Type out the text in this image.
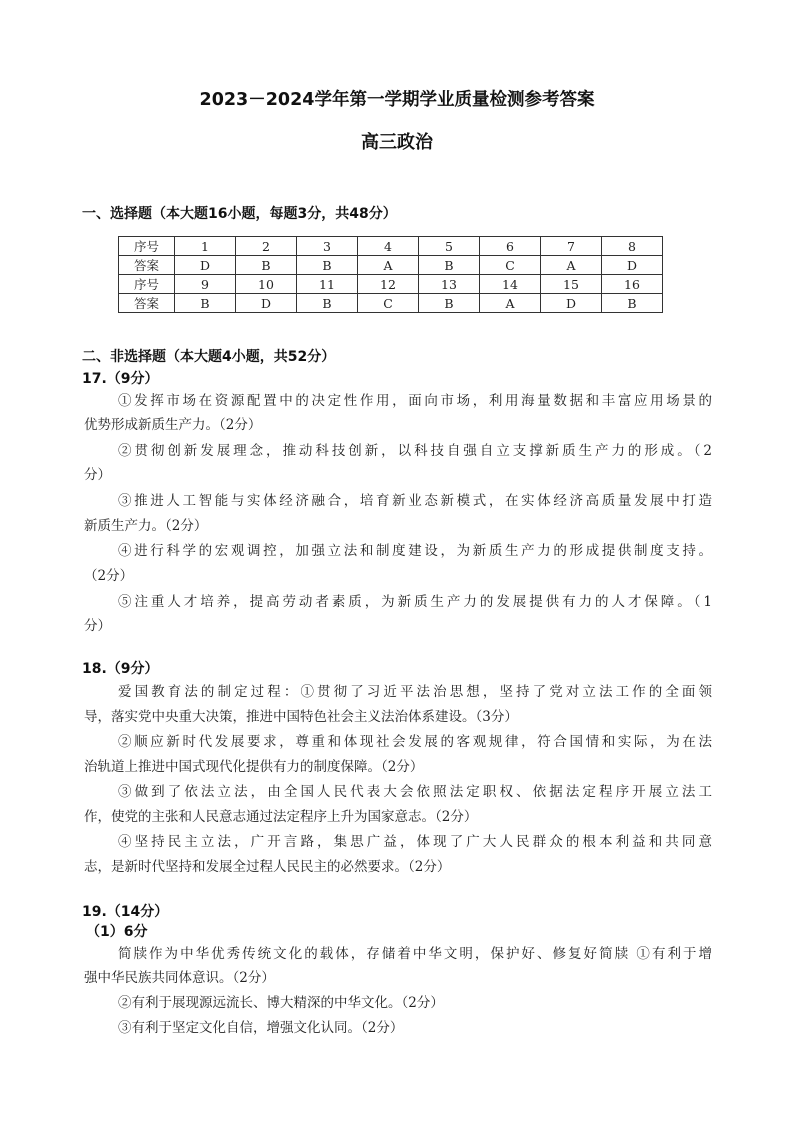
2023－2024学年第一学期学业质量检测参考答案
高三政治
一、选择题（本大题16小题，每题3分，共48分）
序号	1	2	3	4	5	6	7	8
答案	D	B	B	A	B	C	A	D
序号	9	10	11	12	13	14	15	16
答案	B	D	B	C	B	A	D	B
二、非选择题（本大题4小题，共52分）
17.（9分）
①发挥市场在资源配置中的决定性作用，面向市场，利用海量数据和丰富应用场景的
优势形成新质生产力。（2分）
②贯彻创新发展理念，推动科技创新，以科技自强自立支撑新质生产力的形成。（2
分）
③推进人工智能与实体经济融合，培育新业态新模式，在实体经济高质量发展中打造
新质生产力。（2分）
④进行科学的宏观调控，加强立法和制度建设，为新质生产力的形成提供制度支持。
（2分）
⑤注重人才培养，提高劳动者素质，为新质生产力的发展提供有力的人才保障。（1
分）
18.（9分）
爱国教育法的制定过程：①贯彻了习近平法治思想，坚持了党对立法工作的全面领
导，落实党中央重大决策，推进中国特色社会主义法治体系建设。（3分）
②顺应新时代发展要求，尊重和体现社会发展的客观规律，符合国情和实际，为在法
治轨道上推进中国式现代化提供有力的制度保障。（2分）
③做到了依法立法，由全国人民代表大会依照法定职权、依据法定程序开展立法工
作，使党的主张和人民意志通过法定程序上升为国家意志。（2分）
④坚持民主立法，广开言路，集思广益，体现了广大人民群众的根本利益和共同意
志，是新时代坚持和发展全过程人民民主的必然要求。（2分）
19.（14分）
（1）6分
简牍作为中华优秀传统文化的载体，存储着中华文明，保护好、修复好简牍 ①有利于增
强中华民族共同体意识。（2分）
②有利于展现源远流长、博大精深的中华文化。（2分）
③有利于坚定文化自信，增强文化认同。（2分）
